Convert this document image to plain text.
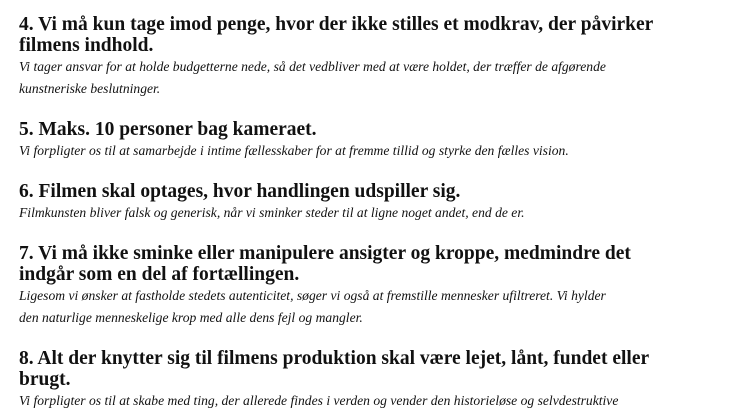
4. Vi må kun tage imod penge, hvor der ikke stilles et modkrav, der påvirker
filmens indhold.
Vi tager ansvar for at holde budgetterne nede, så det vedbliver med at være holdet, der træffer de afgørende
kunstneriske beslutninger.
5. Maks. 10 personer bag kameraet.
Vi forpligter os til at samarbejde i intime fællesskaber for at fremme tillid og styrke den fælles vision.
6. Filmen skal optages, hvor handlingen udspiller sig.
Filmkunsten bliver falsk og generisk, når vi sminker steder til at ligne noget andet, end de er.
7. Vi må ikke sminke eller manipulere ansigter og kroppe, medmindre det
indgår som en del af fortællingen.
Ligesom vi ønsker at fastholde stedets autenticitet, søger vi også at fremstille mennesker ufiltreret. Vi hylder
den naturlige menneskelige krop med alle dens fejl og mangler.
8. Alt der knytter sig til filmens produktion skal være lejet, lånt, fundet eller
brugt.
Vi forpligter os til at skabe med ting, der allerede findes i verden og vender den historieløse og selvdestruktive
